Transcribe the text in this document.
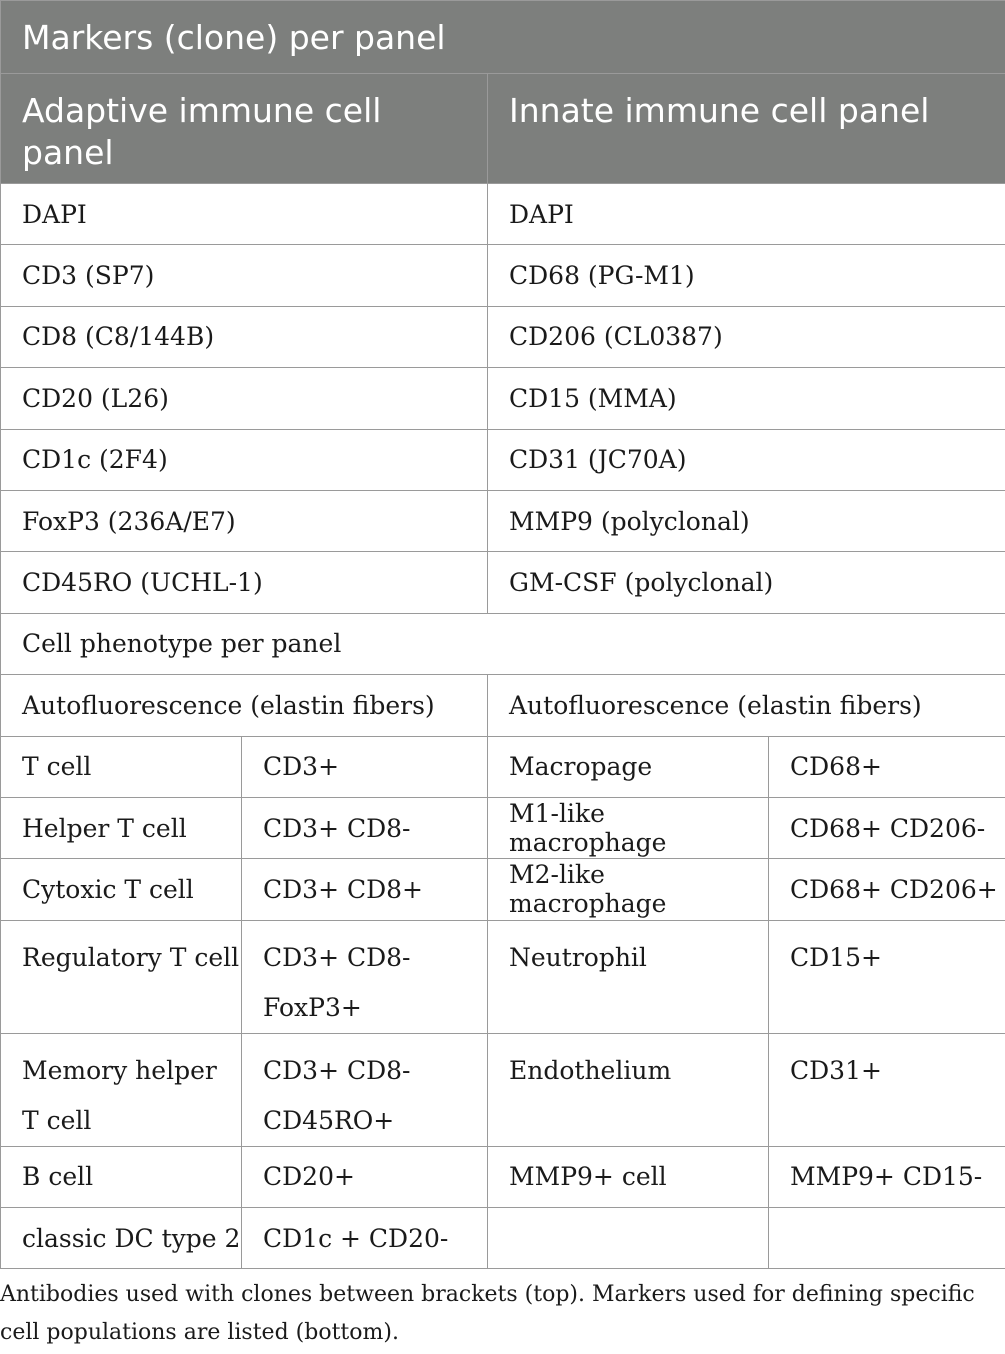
Markers (clone) per panel			
Adaptive immune cell panel		Innate immune cell panel	
DAPI		DAPI	
CD3 (SP7)		CD68 (PG-M1)	
CD8 (C8/144B)		CD206 (CL0387)	
CD20 (L26)		CD15 (MMA)	
CD1c (2F4)		CD31 (JC70A)	
FoxP3 (236A/E7)		MMP9 (polyclonal)	
CD45RO (UCHL-1)		GM-CSF (polyclonal)	
Cell phenotype per panel			
Autofluorescence (elastin fibers)		Autofluorescence (elastin fibers)	
T cell	CD3+	Macropage	CD68+
Helper T cell	CD3+ CD8-	M1-like macrophage	CD68+ CD206-
Cytoxic T cell	CD3+ CD8+	M2-like macrophage	CD68+ CD206+
Regulatory T cell	CD3+ CD8- FoxP3+	Neutrophil	CD15+
Memory helper T cell	CD3+ CD8- CD45RO+	Endothelium	CD31+
B cell	CD20+	MMP9+ cell	MMP9+ CD15-
classic DC type 2	CD1c + CD20-		
Antibodies used with clones between brackets (top). Markers used for defining specific cell populations are listed (bottom).
